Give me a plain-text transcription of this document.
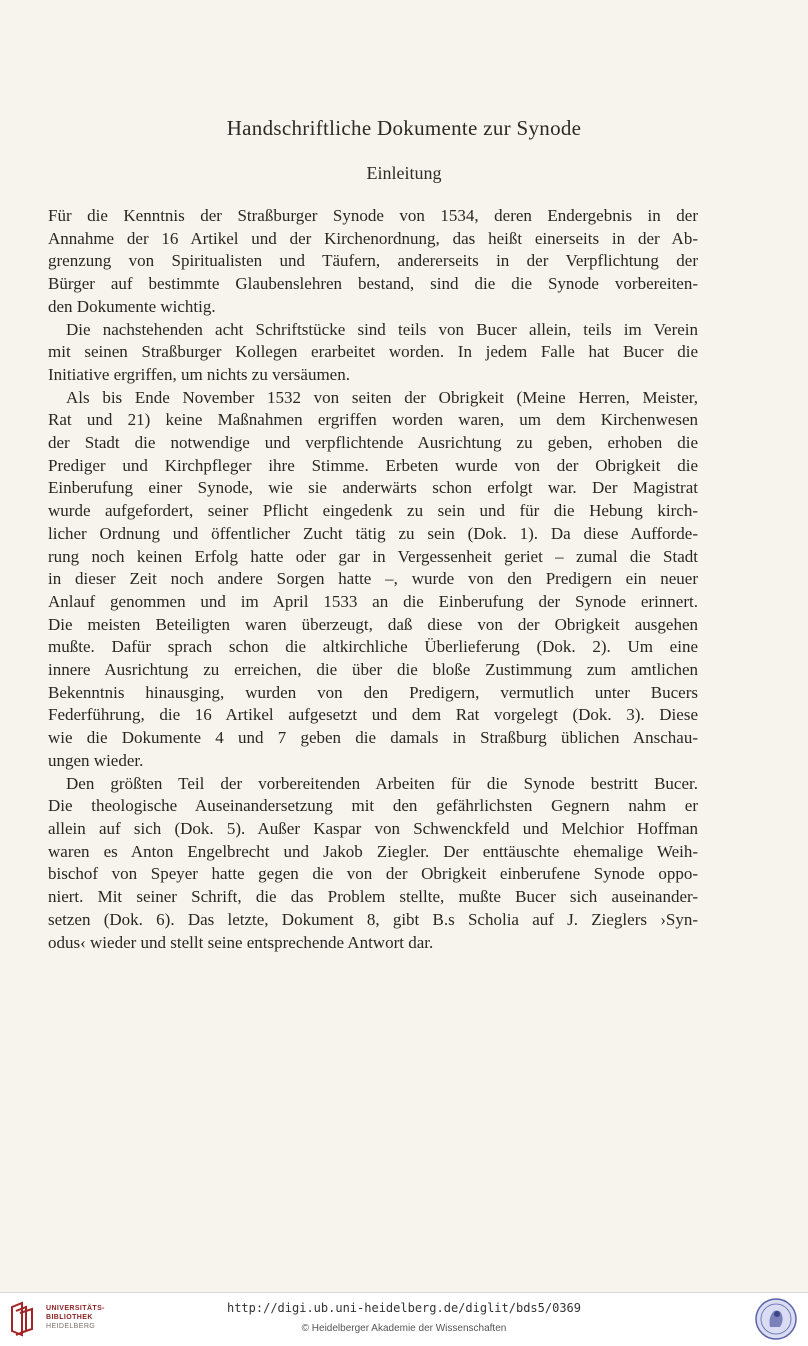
Handschriftliche Dokumente zur Synode
Einleitung

Für die Kenntnis der Straßburger Synode von 1534, deren Endergebnis in der
Annahme der 16 Artikel und der Kirchenordnung, das heißt einerseits in der Ab-
grenzung von Spiritualisten und Täufern, andererseits in der Verpflichtung der
Bürger auf bestimmte Glaubenslehren bestand, sind die die Synode vorbereiten-
den Dokumente wichtig.

Die nachstehenden acht Schriftstücke sind teils von Bucer allein, teils im Verein
mit seinen Straßburger Kollegen erarbeitet worden. In jedem Falle hat Bucer die
Initiative ergriffen, um nichts zu versäumen.

Als bis Ende November 1532 von seiten der Obrigkeit (Meine Herren, Meister,
Rat und 21) keine Maßnahmen ergriffen worden waren, um dem Kirchenwesen
der Stadt die notwendige und verpflichtende Ausrichtung zu geben, erhoben die
Prediger und Kirchpfleger ihre Stimme. Erbeten wurde von der Obrigkeit die
Einberufung einer Synode, wie sie anderwärts schon erfolgt war. Der Magistrat
wurde aufgefordert, seiner Pflicht eingedenk zu sein und für die Hebung kirch-
licher Ordnung und öffentlicher Zucht tätig zu sein (Dok. 1). Da diese Aufforde-
rung noch keinen Erfolg hatte oder gar in Vergessenheit geriet – zumal die Stadt
in dieser Zeit noch andere Sorgen hatte –, wurde von den Predigern ein neuer
Anlauf genommen und im April 1533 an die Einberufung der Synode erinnert.
Die meisten Beteiligten waren überzeugt, daß diese von der Obrigkeit ausgehen
mußte. Dafür sprach schon die altkirchliche Überlieferung (Dok. 2). Um eine
innere Ausrichtung zu erreichen, die über die bloße Zustimmung zum amtlichen
Bekenntnis hinausging, wurden von den Predigern, vermutlich unter Bucers
Federführung, die 16 Artikel aufgesetzt und dem Rat vorgelegt (Dok. 3). Diese
wie die Dokumente 4 und 7 geben die damals in Straßburg üblichen Anschau-
ungen wieder.

Den größten Teil der vorbereitenden Arbeiten für die Synode bestritt Bucer.
Die theologische Auseinandersetzung mit den gefährlichsten Gegnern nahm er
allein auf sich (Dok. 5). Außer Kaspar von Schwenckfeld und Melchior Hoffman
waren es Anton Engelbrecht und Jakob Ziegler. Der enttäuschte ehemalige Weih-
bischof von Speyer hatte gegen die von der Obrigkeit einberufene Synode oppo-
niert. Mit seiner Schrift, die das Problem stellte, mußte Bucer sich auseinander-
setzen (Dok. 6). Das letzte, Dokument 8, gibt B.s Scholia auf J. Zieglers ›Syn-
odus‹ wieder und stellt seine entsprechende Antwort dar.

UNIVERSITÄTS-
BIBLIOTHEK
HEIDELBERG
http://digi.ub.uni-heidelberg.de/diglit/bds5/0369
© Heidelberger Akademie der Wissenschaften
